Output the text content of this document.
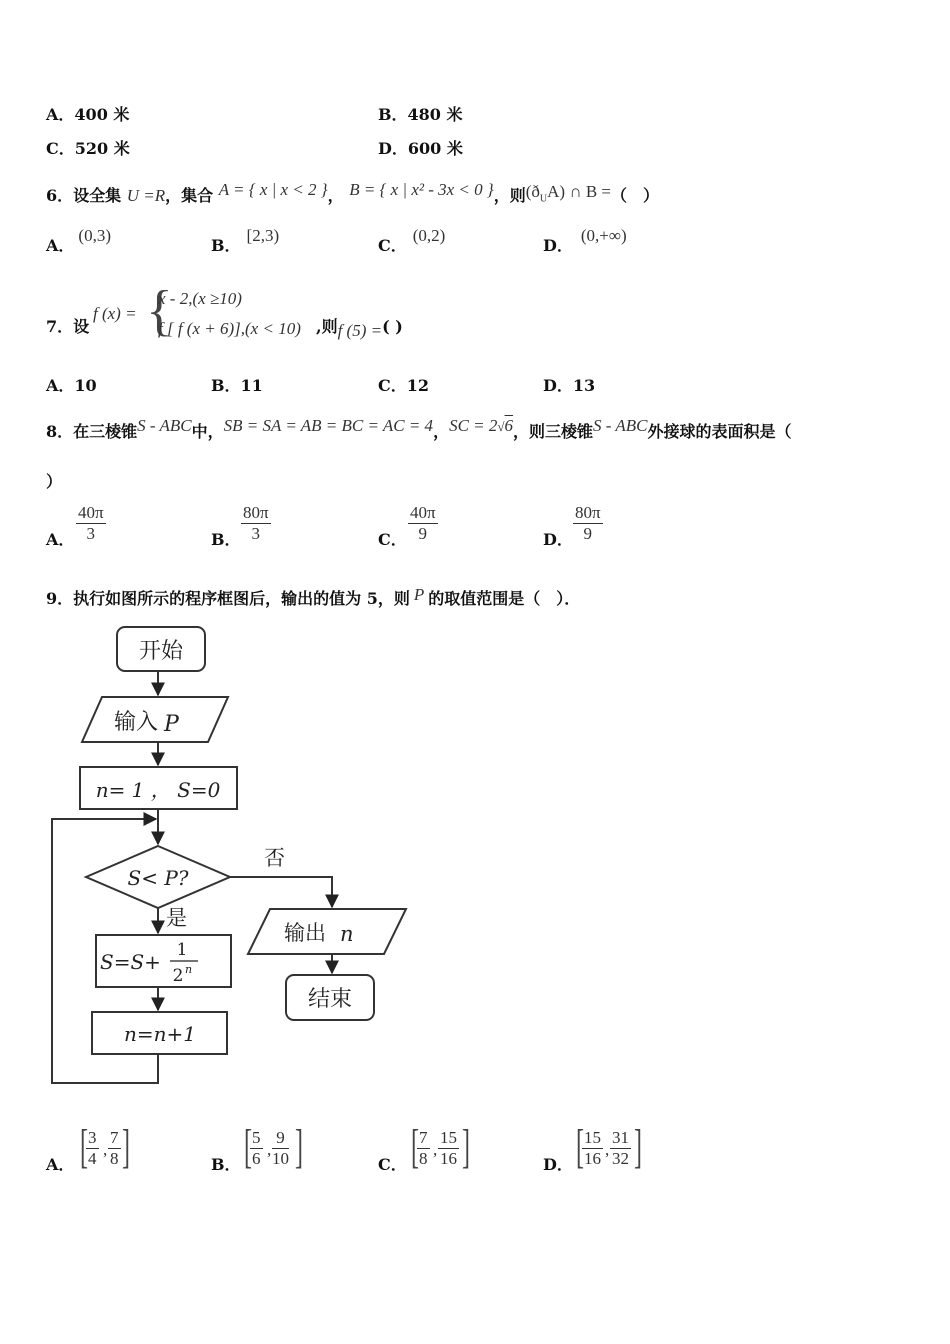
A．400 米	B．480 米
C．520 米	D．600 米
6．设全集 U =R，集合 A = { x | x < 2 }， B = { x | x² - 3x < 0 }，则$(ð_UA)$ ∩ B =（　）
A．(0,3)
B．[2,3)
C．(0,2)
D．(0,+∞)
7．设
f (x) = {
x - 2,(x ≥10)
f [ f (x + 6)],(x < 10) ,则f (5) =( )
A．10	B．11	C．12	D．13
8．在三棱锥S - ABC中，SB = SA = AB = BC = AC = 4，SC = 2√6，则三棱锥S - ABC外接球的表面积是（
）
A． $\frac{40\pi}{3}$	B． $\frac{80\pi}{3}$	C． $\frac{40\pi}{9}$	D． $\frac{80\pi}{9}$
9．执行如图所示的程序框图后，输出的值为 5，则 P 的取值范围是（　）．
开始
输入 P
n= 1 ， S=0
S< P?
否
是
S=S+ 1
2 n
n=n+1
输出 n
结束
A． [
$\frac{3}{4}$ , $\frac{7}{8}$ ]	B． [
$\frac{5}{6}$ , $\frac{9}{10}$ ]	C． [
$\frac{7}{8}$ , $\frac{15}{16}$ ]	D． [
$\frac{15}{16}$ , $\frac{31}{32}$ ]
